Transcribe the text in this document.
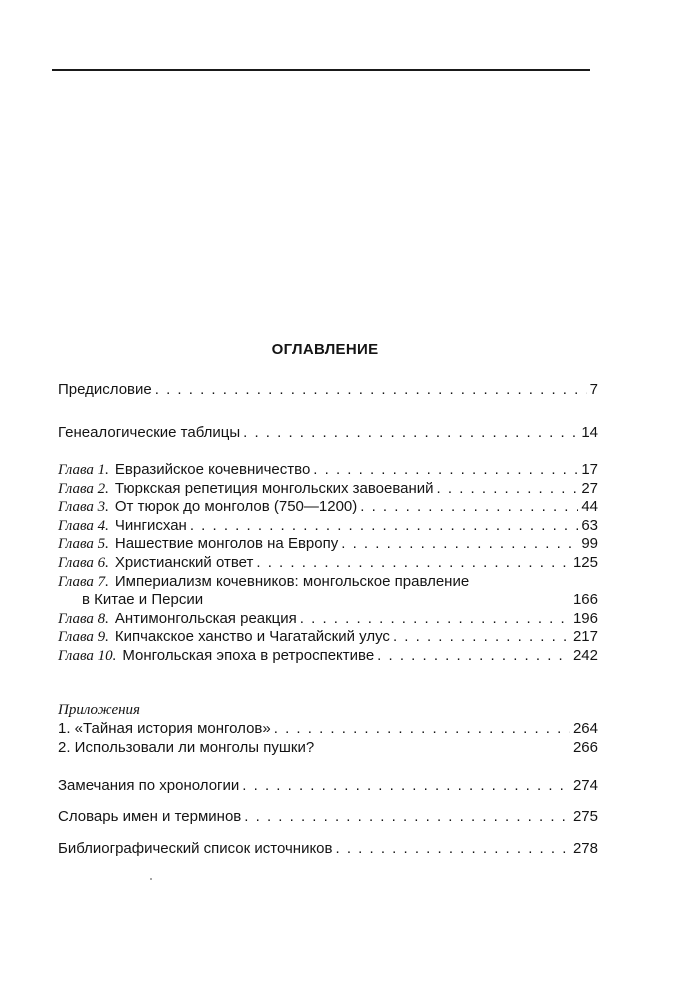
ОГЛАВЛЕНИЕ
Предисловие . . .	7
Генеалогические таблицы . . .	14
Глава 1. Евразийское кочевничество . . .	17
Глава 2. Тюркская репетиция монгольских завоеваний . . .	27
Глава 3. От тюрок до монголов (750—1200) . . .	44
Глава 4. Чингисхан . . .	63
Глава 5. Нашествие монголов на Европу . . .	99
Глава 6. Христианский ответ . . .	125
Глава 7. Империализм кочевников: монгольское правление
в Китае и Персии	166
Глава 8. Антимонгольская реакция . . .	196
Глава 9. Кипчакское ханство и Чагатайский улус . . .	217
Глава 10. Монгольская эпоха в ретроспективе . . .	242
Приложения
1. «Тайная история монголов» . . .	264
2. Использовали ли монголы пушки?	266
Замечания по хронологии . . .	274
Словарь имен и терминов . . .	275
Библиографический список источников . . .	278
